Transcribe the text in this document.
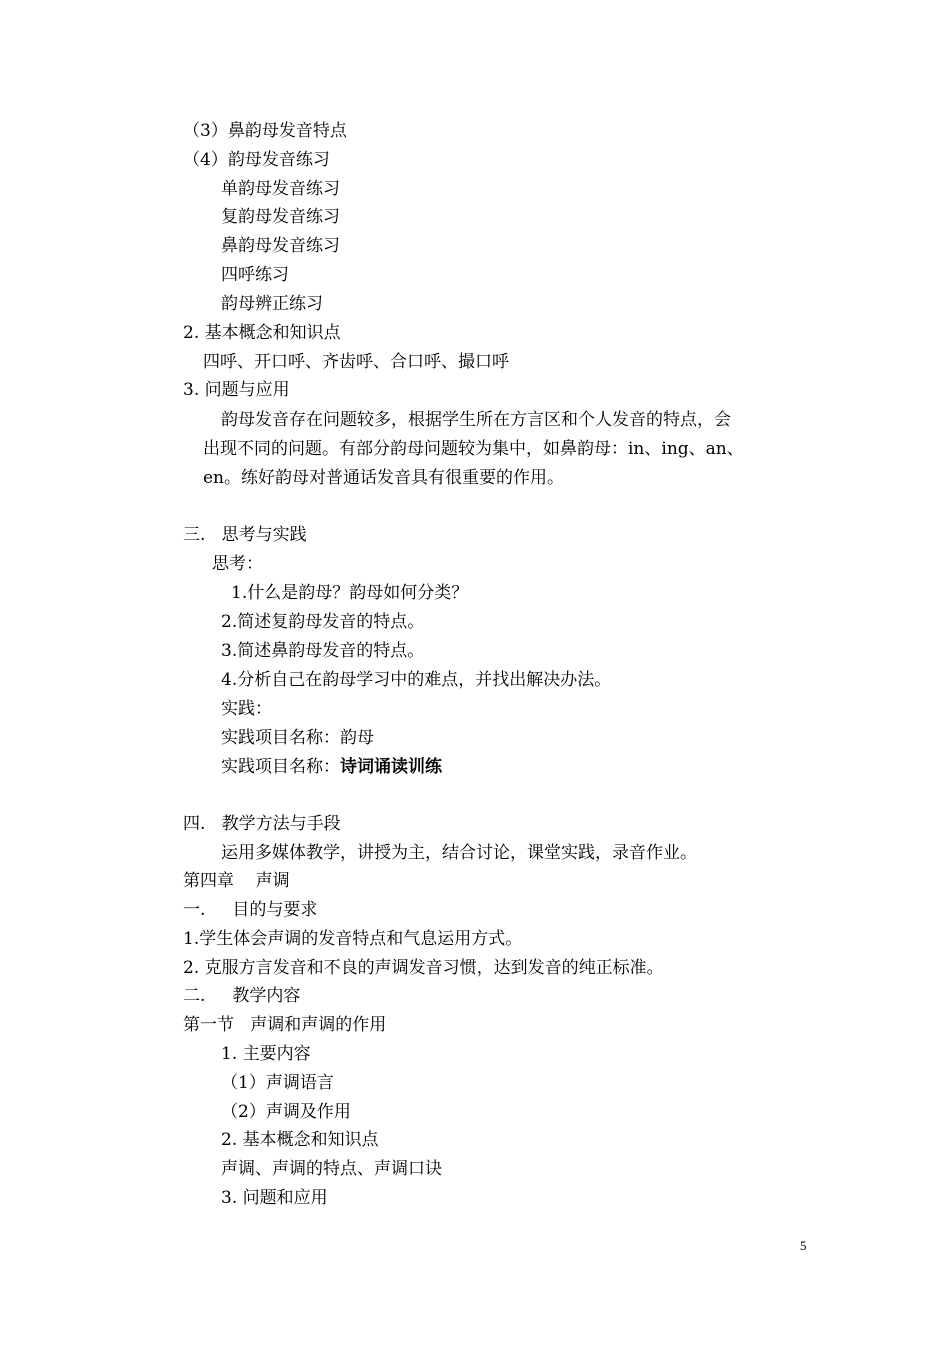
（3）鼻韵母发音特点
（4）韵母发音练习
单韵母发音练习
复韵母发音练习
鼻韵母发音练习
四呼练习
韵母辨正练习
2. 基本概念和知识点
四呼、开口呼、齐齿呼、合口呼、撮口呼
3. 问题与应用
韵母发音存在问题较多，根据学生所在方言区和个人发音的特点，会
出现不同的问题。有部分韵母问题较为集中，如鼻韵母：in、ing、an、
en。练好韵母对普通话发音具有很重要的作用。
三.   思考与实践
思考：
1.什么是韵母？韵母如何分类？
2.简述复韵母发音的特点。
3.简述鼻韵母发音的特点。
4.分析自己在韵母学习中的难点，并找出解决办法。
实践：
实践项目名称：韵母
实践项目名称：诗词诵读训练
四.   教学方法与手段
运用多媒体教学，讲授为主，结合讨论，课堂实践，录音作业。
第四章    声调
一.     目的与要求
1.学生体会声调的发音特点和气息运用方式。
2. 克服方言发音和不良的声调发音习惯，达到发音的纯正标准。
二.     教学内容
第一节   声调和声调的作用
1. 主要内容
（1）声调语言
（2）声调及作用
2. 基本概念和知识点
声调、声调的特点、声调口诀
3. 问题和应用
5
